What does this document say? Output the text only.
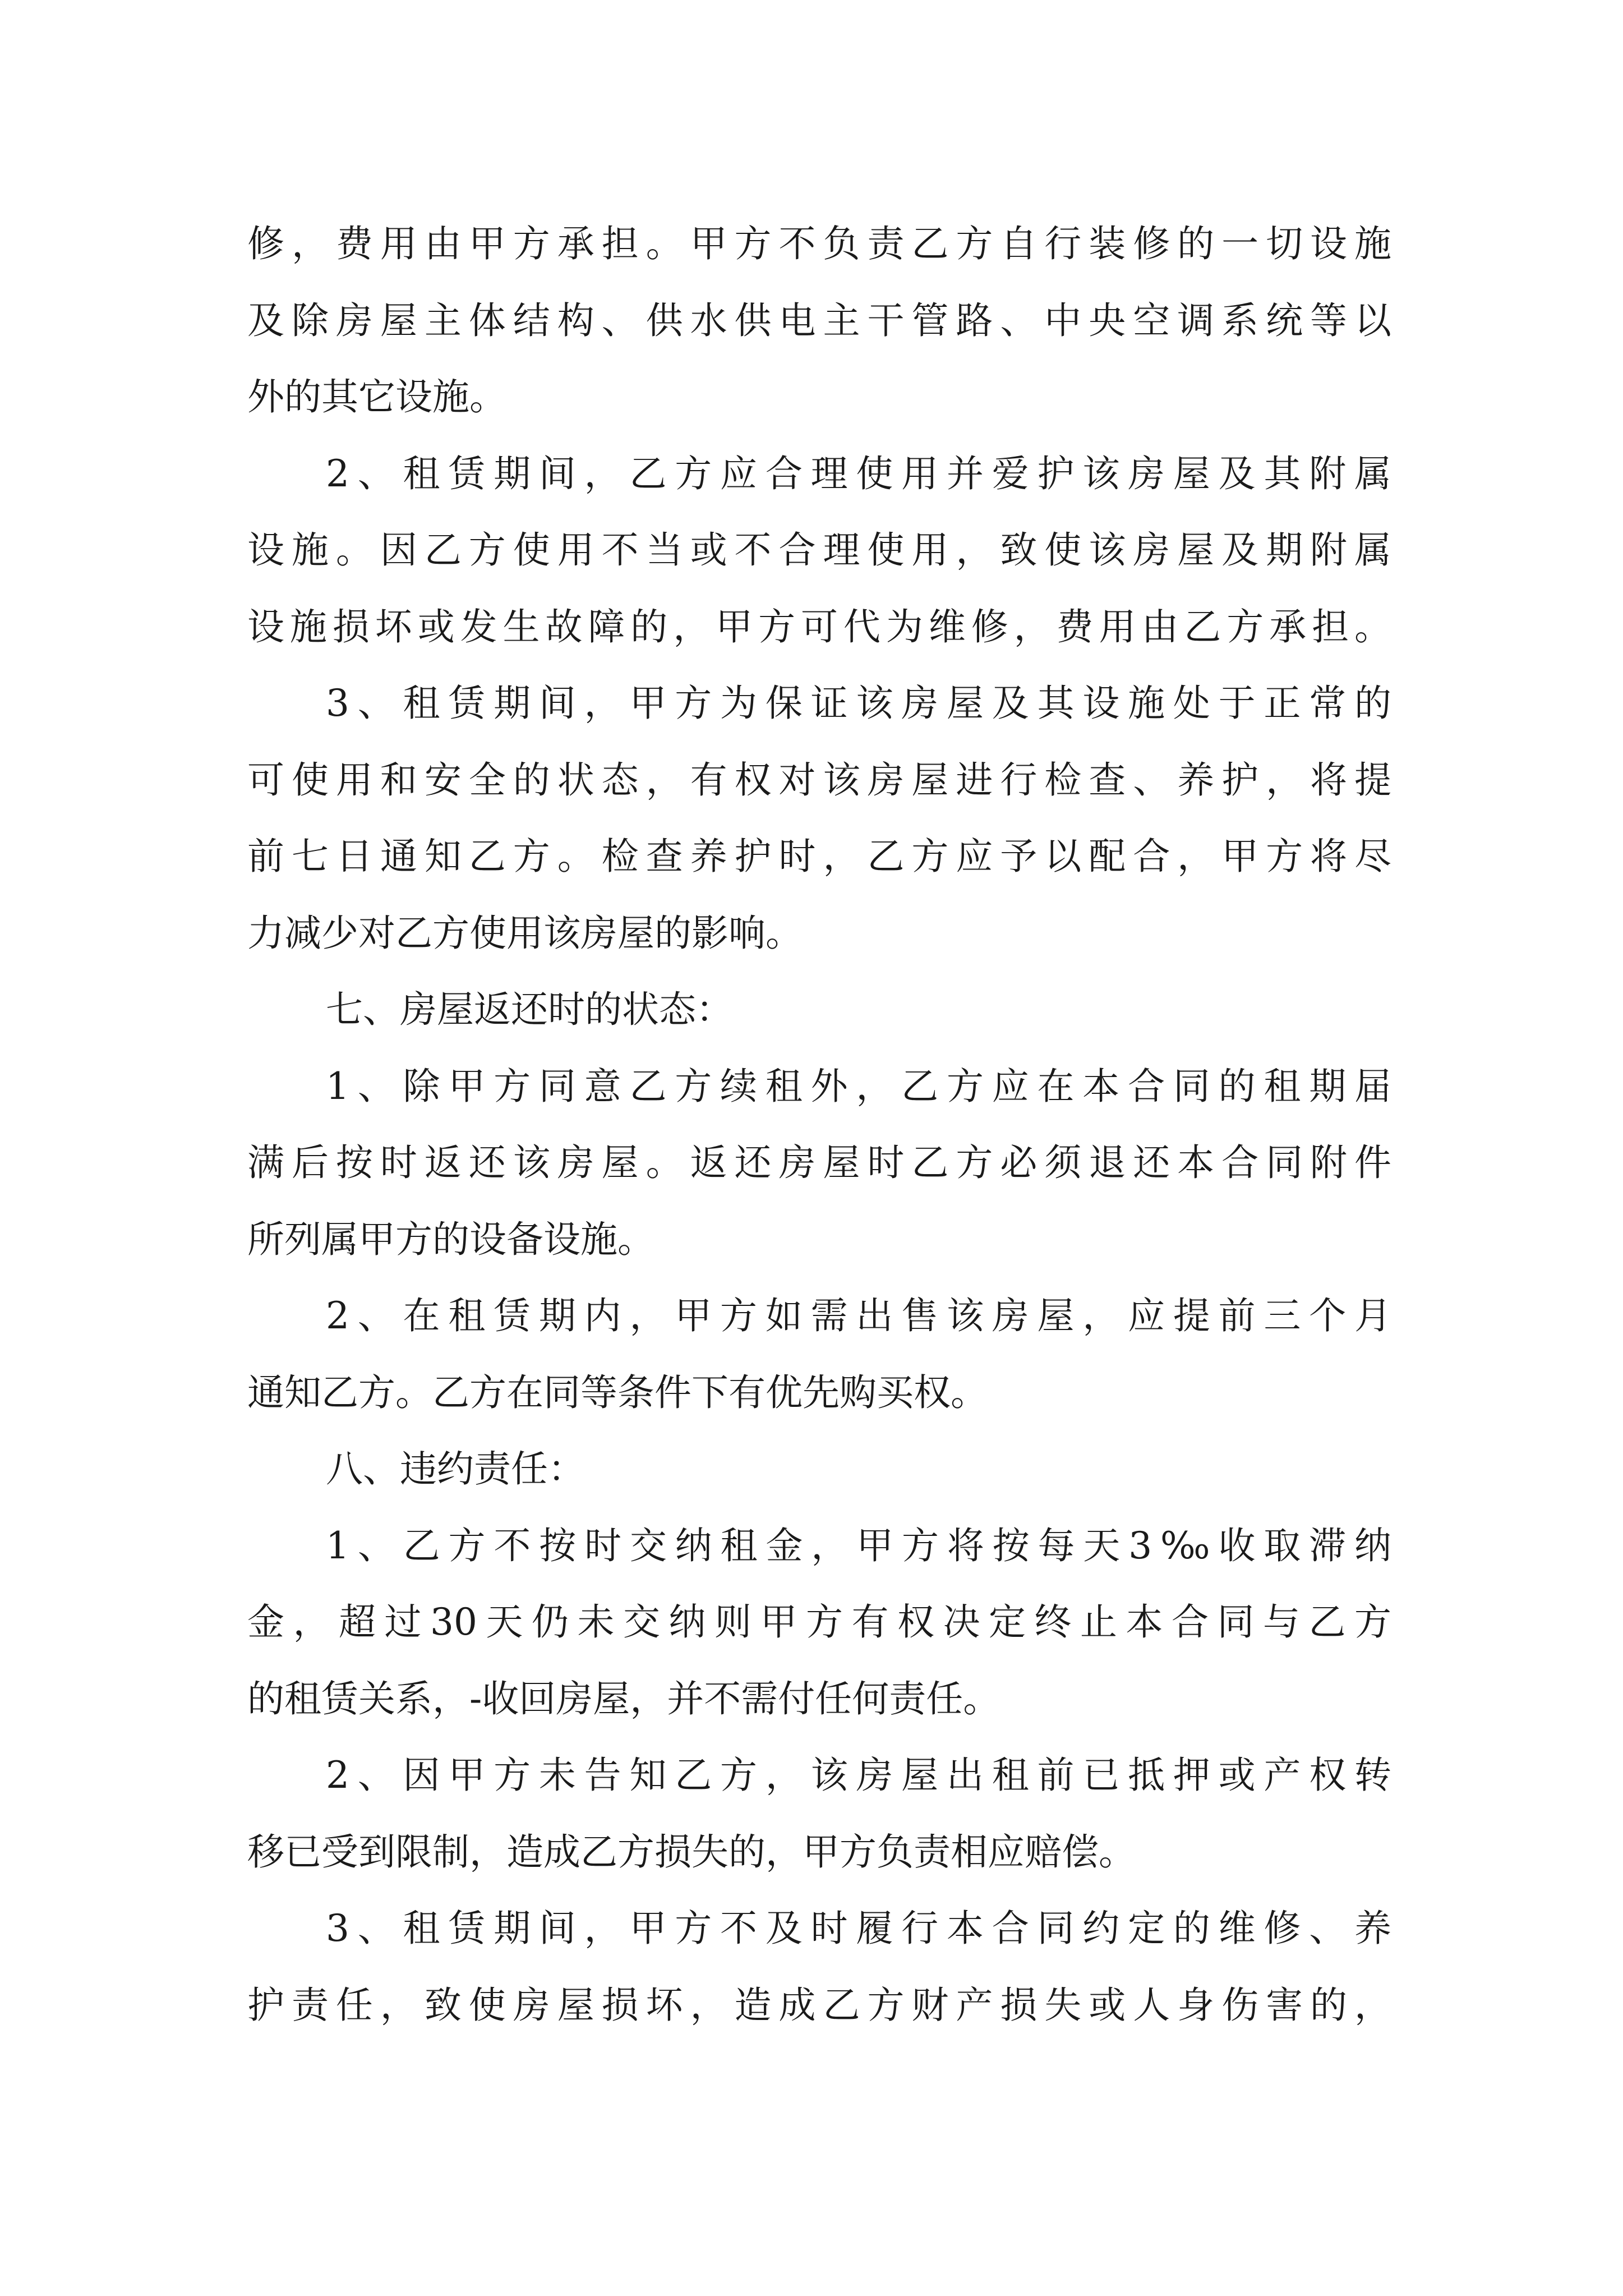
修，费用由甲方承担。甲方不负责乙方自行装修的一切设施
及除房屋主体结构、供水供电主干管路、中央空调系统等以
外的其它设施。
2、租赁期间，乙方应合理使用并爱护该房屋及其附属
设施。因乙方使用不当或不合理使用，致使该房屋及期附属
设施损坏或发生故障的，甲方可代为维修，费用由乙方承担。
3、租赁期间，甲方为保证该房屋及其设施处于正常的
可使用和安全的状态，有权对该房屋进行检查、养护，将提
前七日通知乙方。检查养护时，乙方应予以配合，甲方将尽
力减少对乙方使用该房屋的影响。
七、房屋返还时的状态：
1、除甲方同意乙方续租外，乙方应在本合同的租期届
满后按时返还该房屋。返还房屋时乙方必须退还本合同附件
所列属甲方的设备设施。
2、在租赁期内，甲方如需出售该房屋，应提前三个月
通知乙方。乙方在同等条件下有优先购买权。
八、违约责任：
1、乙方不按时交纳租金，甲方将按每天3‰收取滞纳
金，超过30天仍未交纳则甲方有权决定终止本合同与乙方
的租赁关系，-收回房屋，并不需付任何责任。
2、因甲方未告知乙方，该房屋出租前已抵押或产权转
移已受到限制，造成乙方损失的，甲方负责相应赔偿。
3、租赁期间，甲方不及时履行本合同约定的维修、养
护责任，致使房屋损坏，造成乙方财产损失或人身伤害的，
